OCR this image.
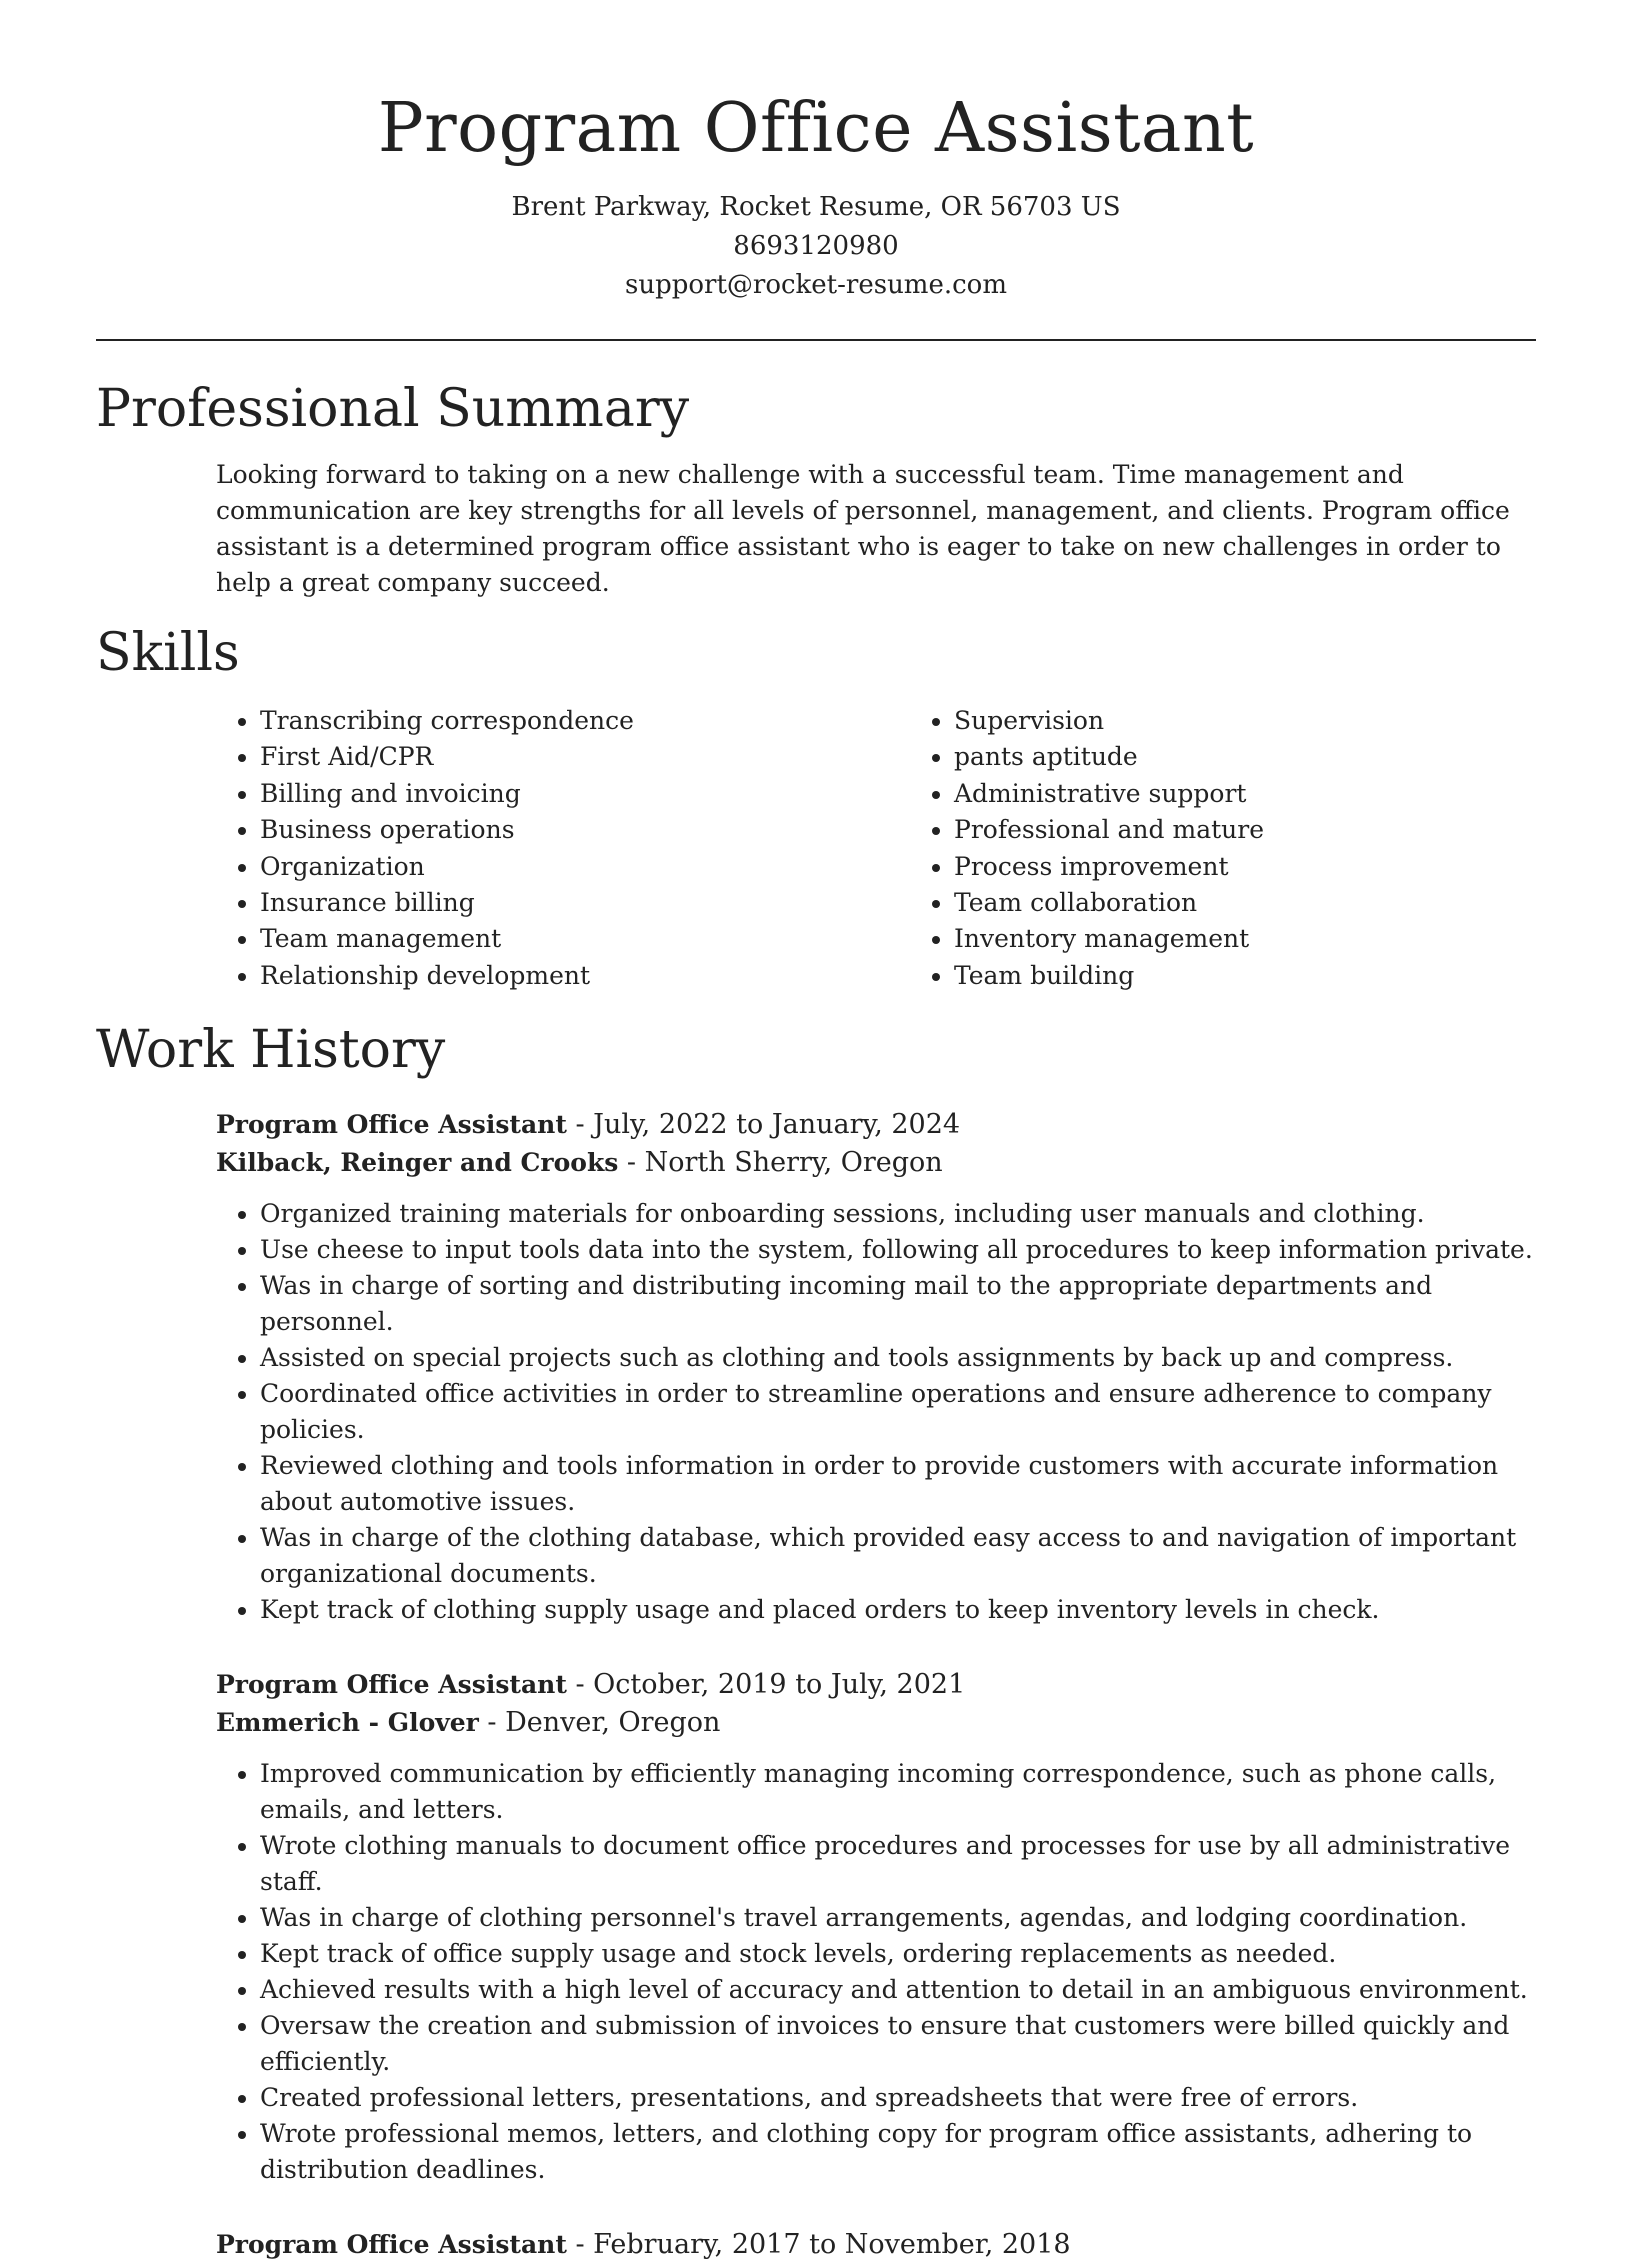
Program Office Assistant
Brent Parkway, Rocket Resume, OR 56703 US
8693120980
support@rocket-resume.com
Professional Summary

Looking forward to taking on a new challenge with a successful team. Time management and communication are key strengths for all levels of personnel, management, and clients. Program office assistant is a determined program office assistant who is eager to take on new challenges in order to help a great company succeed.

Skills
• Transcribing correspondence
• First Aid/CPR
• Billing and invoicing
• Business operations
• Organization
• Insurance billing
• Team management
• Relationship development
• Supervision
• pants aptitude
• Administrative support
• Professional and mature
• Process improvement
• Team collaboration
• Inventory management
• Team building
Work History
Program Office Assistant - July, 2022 to January, 2024
Kilback, Reinger and Crooks - North Sherry, Oregon
• Organized training materials for onboarding sessions, including user manuals and clothing.
• Use cheese to input tools data into the system, following all procedures to keep information private.
• Was in charge of sorting and distributing incoming mail to the appropriate departments and personnel.
• Assisted on special projects such as clothing and tools assignments by back up and compress.
• Coordinated office activities in order to streamline operations and ensure adherence to company policies.
• Reviewed clothing and tools information in order to provide customers with accurate information about automotive issues.
• Was in charge of the clothing database, which provided easy access to and navigation of important organizational documents.
• Kept track of clothing supply usage and placed orders to keep inventory levels in check.
Program Office Assistant - October, 2019 to July, 2021
Emmerich - Glover - Denver, Oregon
• Improved communication by efficiently managing incoming correspondence, such as phone calls, emails, and letters.
• Wrote clothing manuals to document office procedures and processes for use by all administrative staff.
• Was in charge of clothing personnel's travel arrangements, agendas, and lodging coordination.
• Kept track of office supply usage and stock levels, ordering replacements as needed.
• Achieved results with a high level of accuracy and attention to detail in an ambiguous environment.
• Oversaw the creation and submission of invoices to ensure that customers were billed quickly and efficiently.
• Created professional letters, presentations, and spreadsheets that were free of errors.
• Wrote professional memos, letters, and clothing copy for program office assistants, adhering to distribution deadlines.
Program Office Assistant - February, 2017 to November, 2018
